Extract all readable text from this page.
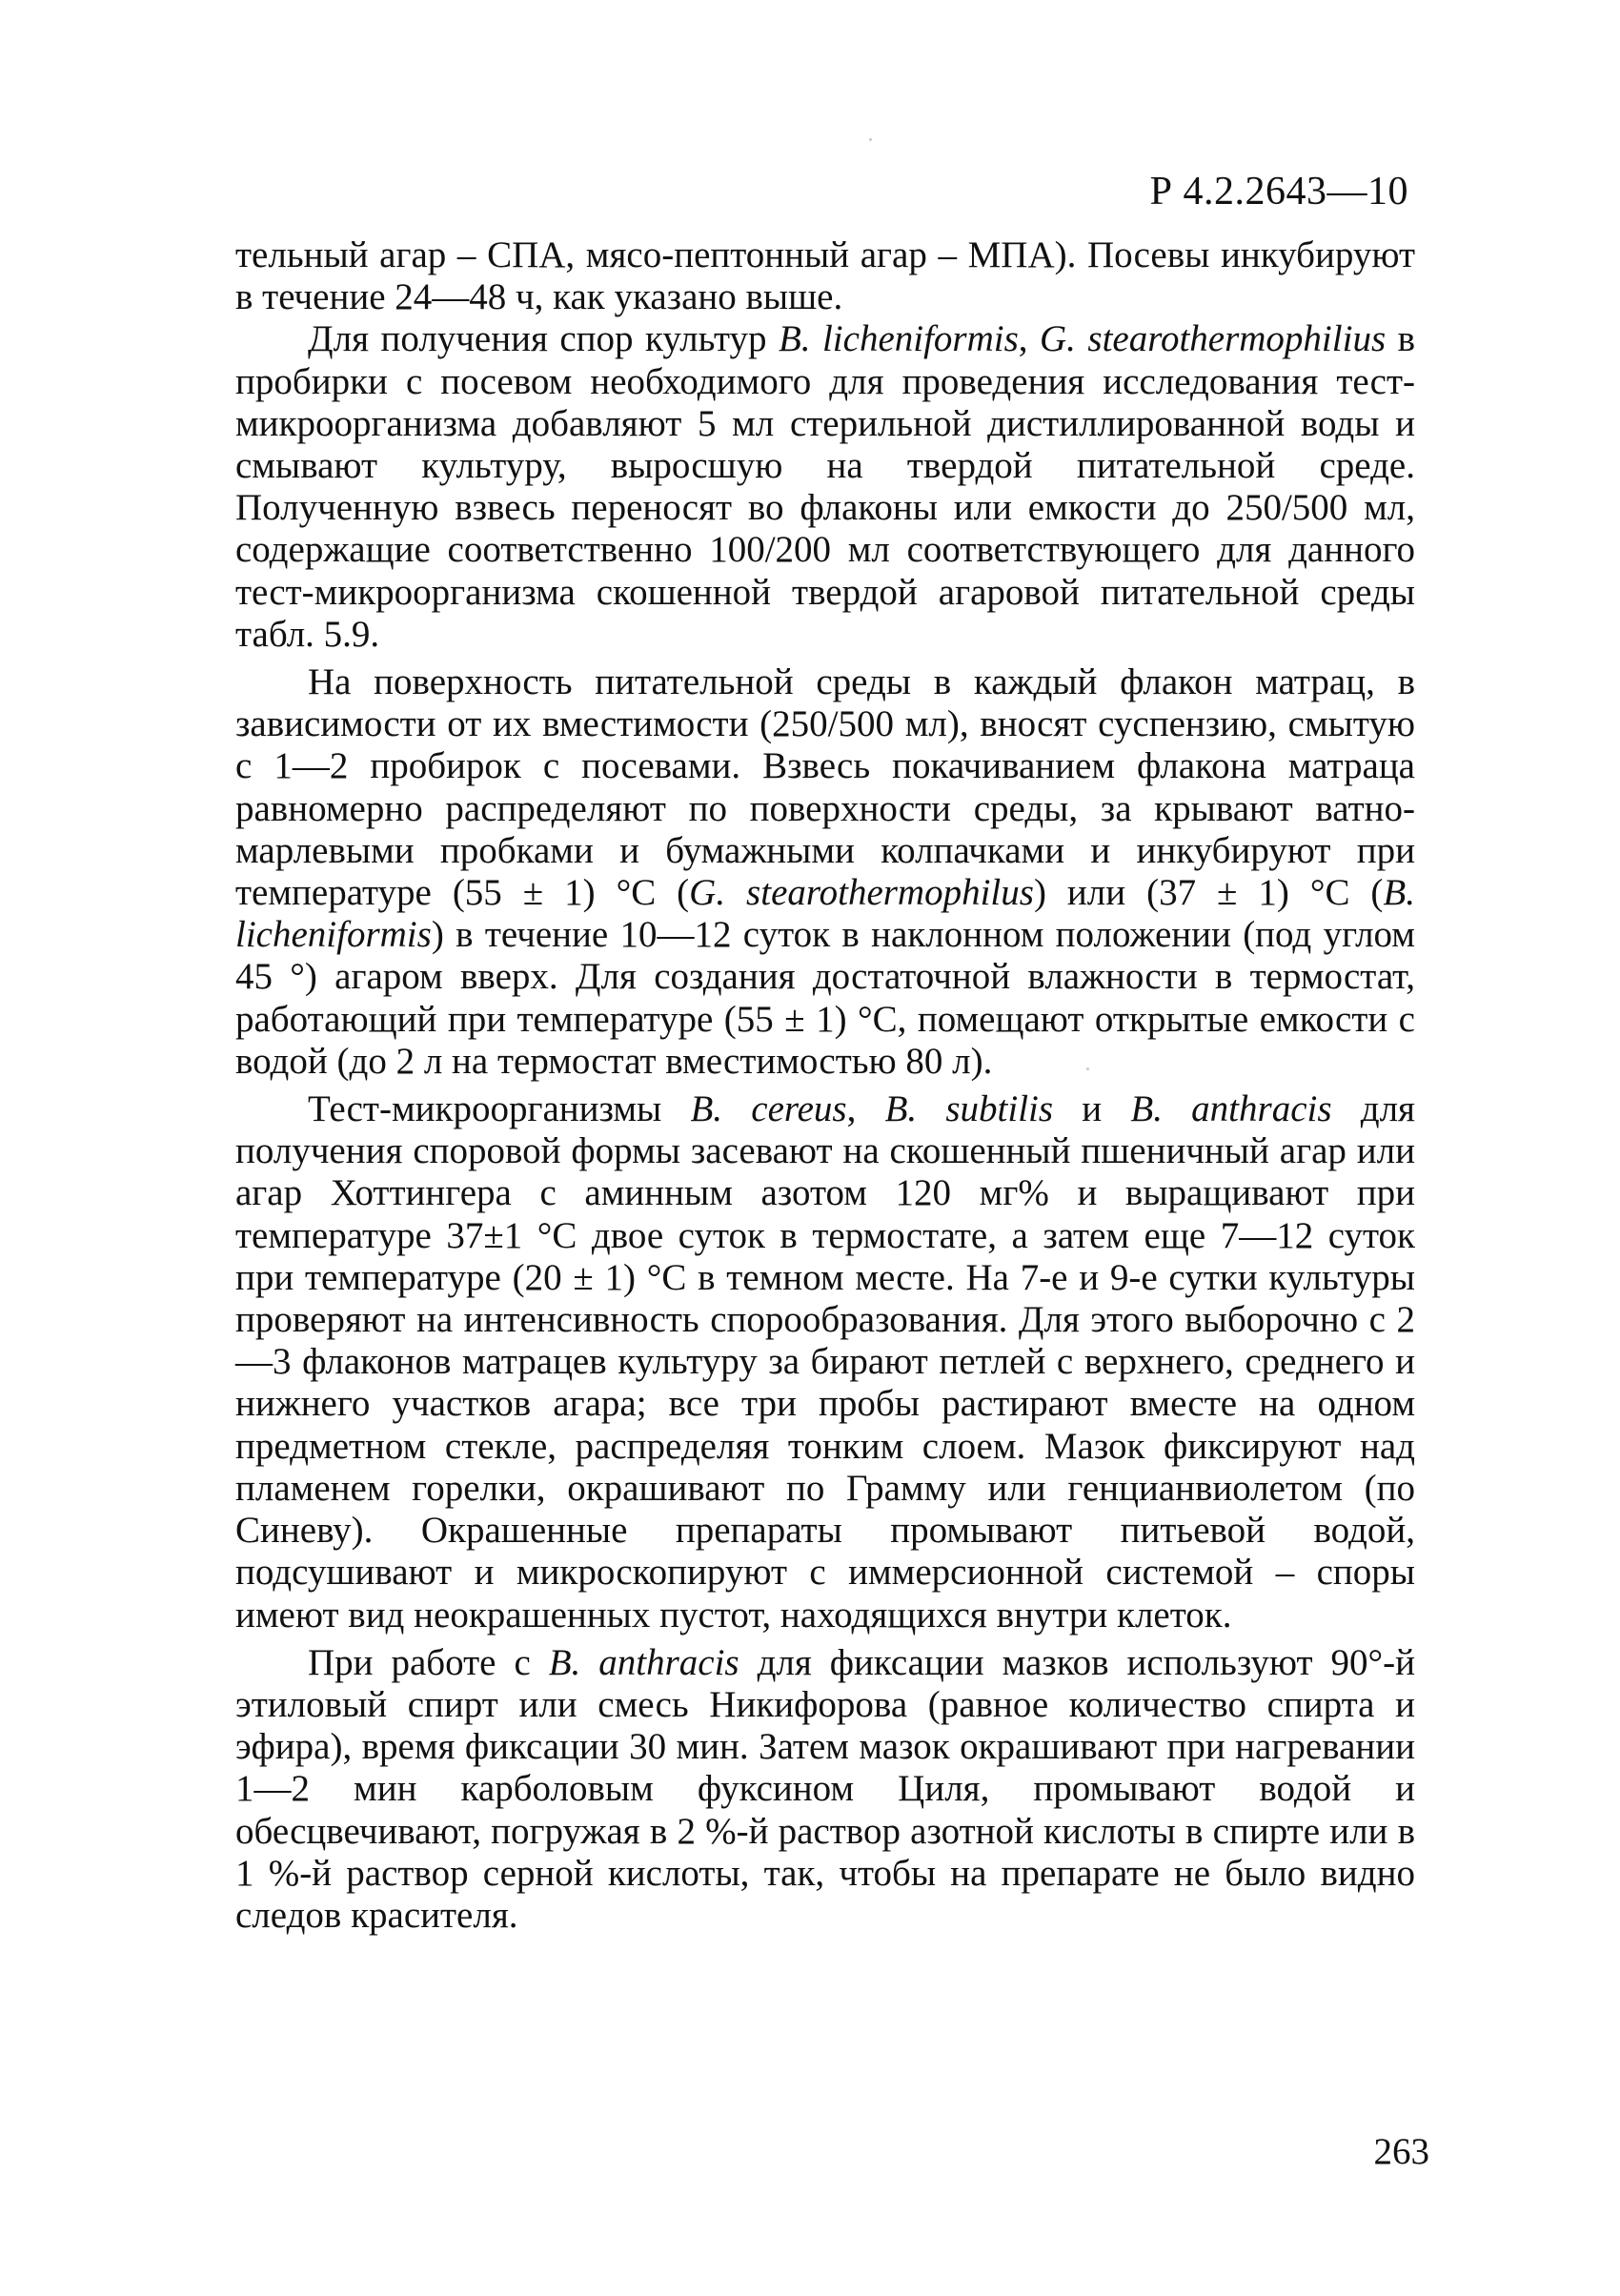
Р 4.2.2643—10

тельный агар – СПА, мясо-пептонный агар – МПА). Посевы инкубируют в течение 24—48 ч, как указано выше.

Для получения спор культур B. licheniformis, G. stearothermophilius в пробирки с посевом необходимого для проведения исследования тест-микроорганизма добавляют 5 мл стерильной дистиллированной воды и смывают культуру, выросшую на твердой питательной среде. Полученную взвесь переносят во флаконы или емкости до 250/500 мл, содержащие соответственно 100/200 мл соответствующего для данного тест-микроорганизма скошенной твердой агаровой питательной среды табл. 5.9.

На поверхность питательной среды в каждый флакон матрац, в зависимости от их вместимости (250/500 мл), вносят суспензию, смытую с 1—2 пробирок с посевами. Взвесь покачиванием флакона матраца равномерно распределяют по поверхности среды, за крывают ватно-марлевыми пробками и бумажными колпачками и инкубируют при температуре (55 ± 1) °С (G. stearothermophilus) или (37 ± 1) °С (B. licheniformis) в течение 10—12 суток в наклонном положении (под углом 45 °) агаром вверх. Для создания достаточной влажности в термостат, работающий при температуре (55 ± 1) °С, помещают открытые емкости с водой (до 2 л на термостат вместимостью 80 л).

Тест-микроорганизмы B. cereus, B. subtilis и B. anthracis для получения споровой формы засевают на скошенный пшеничный агар или агар Хоттингера с аминным азотом 120 мг% и выращивают при температуре 37±1 °С двое суток в термостате, а затем еще 7—12 суток при температуре (20 ± 1) °С в темном месте. На 7-е и 9-е сутки культуры проверяют на интенсивность спорообразования. Для этого выборочно с 2—3 флаконов матрацев культуру за бирают петлей с верхнего, среднего и нижнего участков агара; все три пробы растирают вместе на одном предметном стекле, распределяя тонким слоем. Мазок фиксируют над пламенем горелки, окрашивают по Грамму или генцианвиолетом (по Синеву). Окрашенные препараты промывают питьевой водой, подсушивают и микроскопируют с иммерсионной системой – споры имеют вид неокрашенных пустот, находящихся внутри клеток.

При работе с B. anthracis для фиксации мазков используют 90°-й этиловый спирт или смесь Никифорова (равное количество спирта и эфира), время фиксации 30 мин. Затем мазок окрашивают при нагревании 1—2 мин карболовым фуксином Циля, промывают водой и обесцвечивают, погружая в 2 %-й раствор азотной кислоты в спирте или в 1 %-й раствор серной кислоты, так, чтобы на препарате не было видно следов красителя.

263
